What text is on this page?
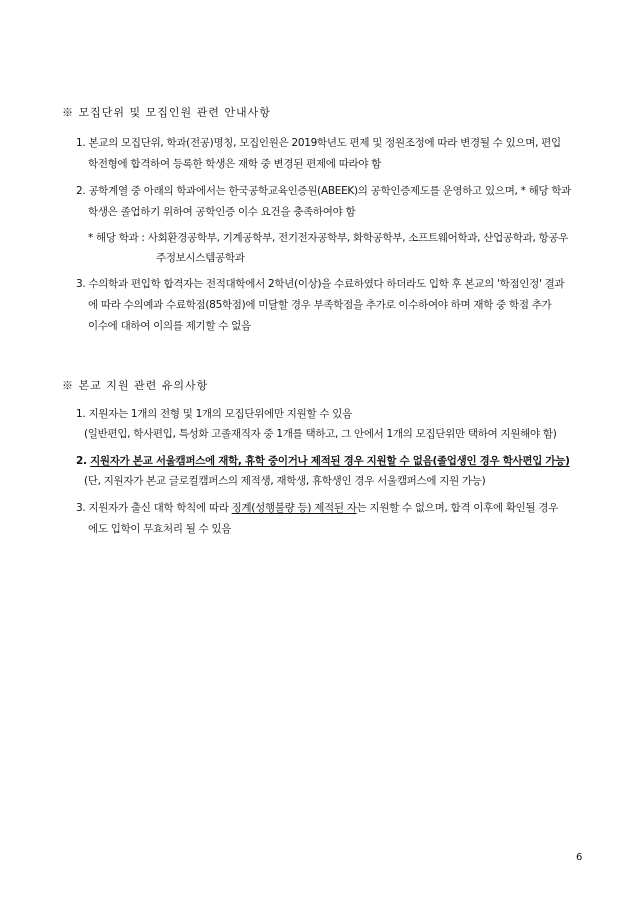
※ 모집단위 및 모집인원 관련 안내사항
1. 본교의 모집단위, 학과(전공)명칭, 모집인원은 2019학년도 편제 및 정원조정에 따라 변경될 수 있으며, 편입
학전형에 합격하여 등록한 학생은 재학 중 변경된 편제에 따라야 함
2. 공학계열 중 아래의 학과에서는 한국공학교육인증원(ABEEK)의 공학인증제도를 운영하고 있으며, * 해당 학과
학생은 졸업하기 위하여 공학인증 이수 요건을 충족하여야 함
* 해당 학과 : 사회환경공학부, 기계공학부, 전기전자공학부, 화학공학부, 소프트웨어학과, 산업공학과, 항공우
주정보시스템공학과
3. 수의학과 편입학 합격자는 전적대학에서 2학년(이상)을 수료하였다 하더라도 입학 후 본교의 '학점인정' 결과
에 따라 수의예과 수료학점(85학점)에 미달할 경우 부족학점을 추가로 이수하여야 하며 재학 중 학점 추가
이수에 대하여 이의를 제기할 수 없음
※ 본교 지원 관련 유의사항
1. 지원자는 1개의 전형 및 1개의 모집단위에만 지원할 수 있음
(일반편입, 학사편입, 특성화 고졸재직자 중 1개를 택하고, 그 안에서 1개의 모집단위만 택하여 지원해야 함)
2. 지원자가 본교 서울캠퍼스에 재학, 휴학 중이거나 제적된 경우 지원할 수 없음(졸업생인 경우 학사편입 가능)
(단, 지원자가 본교 글로컬캠퍼스의 제적생, 재학생, 휴학생인 경우 서울캠퍼스에 지원 가능)
3. 지원자가 출신 대학 학칙에 따라 징계(성행불량 등) 제적된 자는 지원할 수 없으며, 합격 이후에 확인될 경우
에도 입학이 무효처리 될 수 있음
6
